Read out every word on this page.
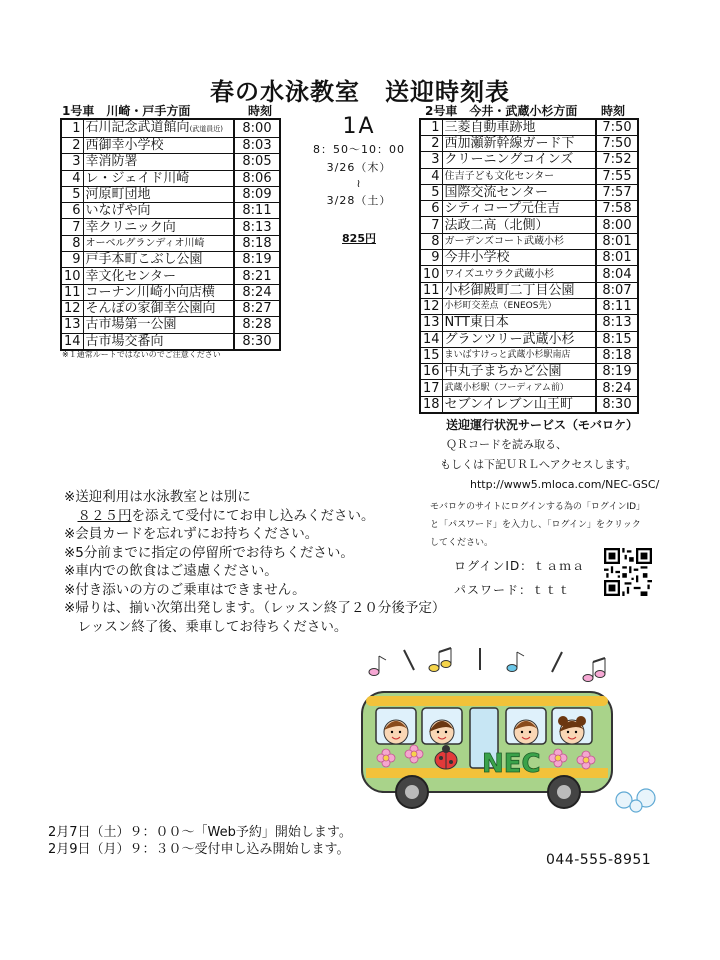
春の水泳教室　送迎時刻表
1号車　川崎・戸手方面	時刻
1	石川記念武道館向(武道員近)	8:00
2	西御幸小学校	8:03
3	幸消防署	8:05
4	レ・ジェイド川崎	8:06
5	河原町団地	8:09
6	いなげや向	8:11
7	幸クリニック向	8:13
8	オーベルグランディオ川崎	8:18
9	戸手本町こぶし公園	8:19
10	幸文化センター	8:21
11	コーナン川崎小向店横	8:24
12	そんぽの家御幸公園向	8:27
13	古市場第一公園	8:28
14	古市場交番向	8:30
※１通常ルートではないのでご注意ください
1A
8：50～10：00
3/26（木）
≀
3/28（土）
825円
2号車　今井・武蔵小杉方面 時刻
1	三菱自動車跡地	7:50
2	西加瀬新幹線ガード下	7:50
3	クリーニングコインズ	7:52
4	住吉子ども文化センター	7:55
5	国際交流センター	7:57
6	シティコープ元住吉	7:58
7	法政二高（北側）	8:00
8	ガーデンズコート武蔵小杉	8:01
9	今井小学校	8:01
10	ワイズユウラク武蔵小杉	8:04
11	小杉御殿町二丁目公園	8:07
12	小杉町交差点（ENEOS先）	8:11
13	NTT東日本	8:13
14	グランツリー武蔵小杉	8:15
15	まいばすけっと武蔵小杉駅南店	8:18
16	中丸子まちかど公園	8:19
17	武蔵小杉駅（フーディアム前）	8:24
18	セブンイレブン山王町	8:30
送迎運行状況サービス（モバロケ）
ＱＲコードを読み取る、
もしくは下記ＵＲＬへアクセスします。
http://www5.mloca.com/NEC-GSC/
モバロケのサイトにログインする為の「ログインID」
と「パスワード」を入力し、「ログイン」をクリック
してください。
ログインID：ｔａｍａ
パスワード：ｔｔｔ
※送迎利用は水泳教室とは別に
　８２５円を添えて受付にてお申し込みください。
※会員カードを忘れずにお持ちください。
※5分前までに指定の停留所でお待ちください。
※車内での飲食はご遠慮ください。
※付き添いの方のご乗車はできません。
※帰りは、揃い次第出発します。（レッスン終了２０分後予定）
　レッスン終了後、乗車してお待ちください。
NEC
2月7日（土）９：００～「Web予約」開始します。
2月9日（月）９：３０～受付申し込み開始します。
044-555-8951
